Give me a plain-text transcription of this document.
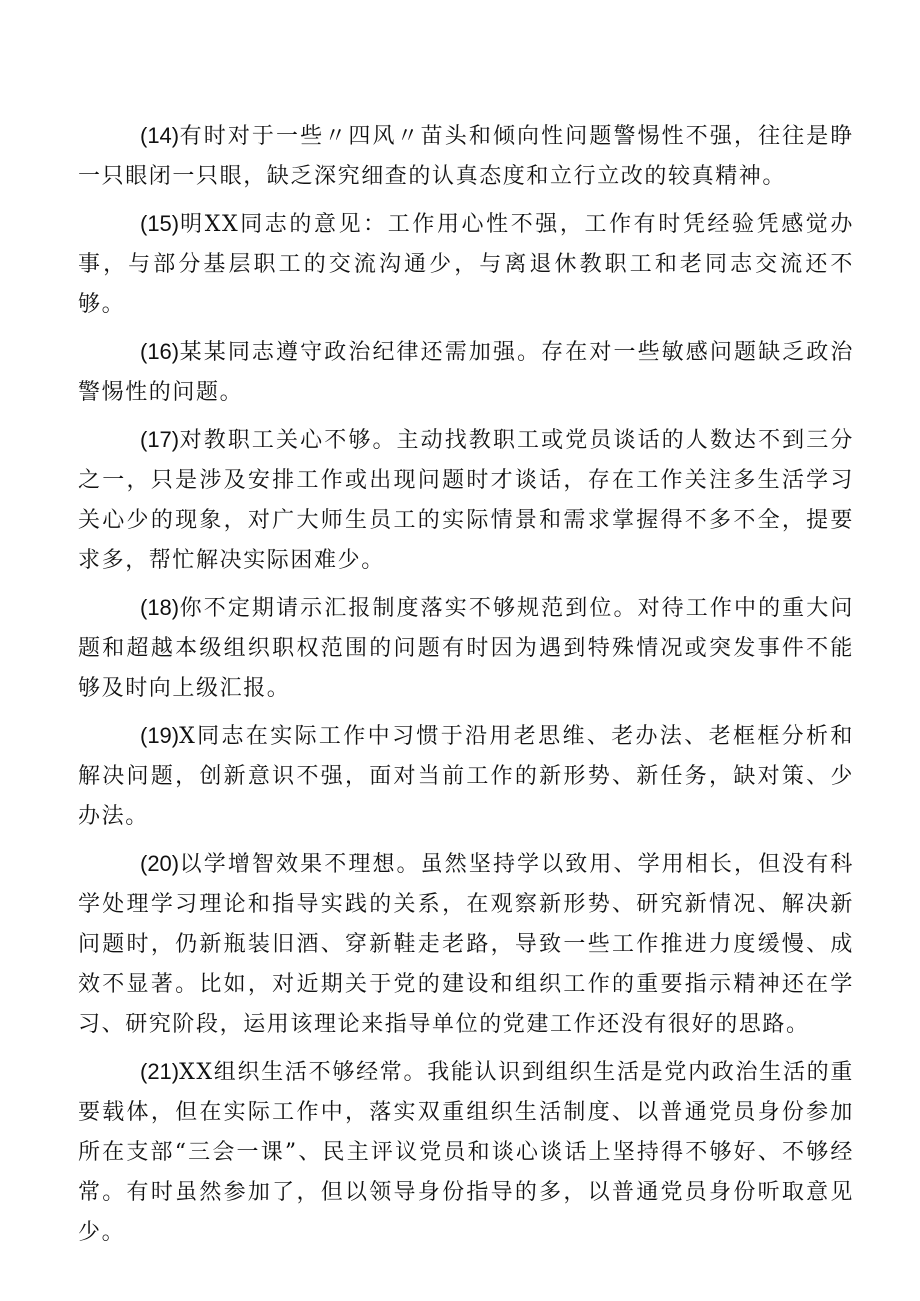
(14)有时对于一些〃四风〃苗头和倾向性问题警惕性不强，往往是睁一只眼闭一只眼，缺乏深究细查的认真态度和立行立改的较真精神。

(15)明XX同志的意见：工作用心性不强，工作有时凭经验凭感觉办事，与部分基层职工的交流沟通少，与离退休教职工和老同志交流还不够。

(16)某某同志遵守政治纪律还需加强。存在对一些敏感问题缺乏政治警惕性的问题。

(17)对教职工关心不够。主动找教职工或党员谈话的人数达不到三分之一，只是涉及安排工作或出现问题时才谈话，存在工作关注多生活学习关心少的现象，对广大师生员工的实际情景和需求掌握得不多不全，提要求多，帮忙解决实际困难少。

(18)你不定期请示汇报制度落实不够规范到位。对待工作中的重大问题和超越本级组织职权范围的问题有时因为遇到特殊情况或突发事件不能够及时向上级汇报。

(19)X同志在实际工作中习惯于沿用老思维、老办法、老框框分析和解决问题，创新意识不强，面对当前工作的新形势、新任务，缺对策、少办法。

(20)以学增智效果不理想。虽然坚持学以致用、学用相长，但没有科学处理学习理论和指导实践的关系，在观察新形势、研究新情况、解决新问题时，仍新瓶装旧酒、穿新鞋走老路，导致一些工作推进力度缓慢、成效不显著。比如，对近期关于党的建设和组织工作的重要指示精神还在学习、研究阶段，运用该理论来指导单位的党建工作还没有很好的思路。

(21)XX组织生活不够经常。我能认识到组织生活是党内政治生活的重要载体，但在实际工作中，落实双重组织生活制度、以普通党员身份参加所在支部“三会一课”、民主评议党员和谈心谈话上坚持得不够好、不够经常。有时虽然参加了，但以领导身份指导的多，以普通党员身份听取意见少。
